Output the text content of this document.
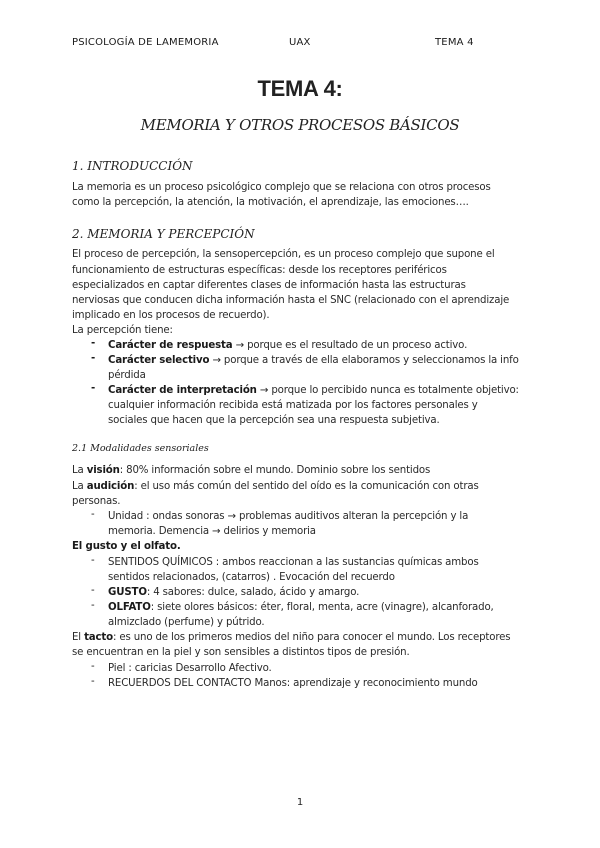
PSICOLOGÍA DE LAMEMORIA	UAX	TEMA 4
TEMA 4:
MEMORIA Y OTROS PROCESOS BÁSICOS
1. INTRODUCCIÓN
La memoria es un proceso psicológico complejo que se relaciona con otros procesos
como la percepción, la atención, la motivación, el aprendizaje, las emociones….
2. MEMORIA Y PERCEPCIÓN
El proceso de percepción, la sensopercepción, es un proceso complejo que supone el
funcionamiento de estructuras específicas: desde los receptores periféricos
especializados en captar diferentes clases de información hasta las estructuras
nerviosas que conducen dicha información hasta el SNC (relacionado con el aprendizaje
implicado en los procesos de recuerdo).
La percepción tiene:
- Carácter de respuesta → porque es el resultado de un proceso activo.
- Carácter selectivo → porque a través de ella elaboramos y seleccionamos la info
pérdida
- Carácter de interpretación → porque lo percibido nunca es totalmente objetivo:
cualquier información recibida está matizada por los factores personales y
sociales que hacen que la percepción sea una respuesta subjetiva.
2.1 Modalidades sensoriales
La visión: 80% información sobre el mundo. Dominio sobre los sentidos
La audición: el uso más común del sentido del oído es la comunicación con otras
personas.
- Unidad : ondas sonoras → problemas auditivos alteran la percepción y la
memoria. Demencia → delirios y memoria
El gusto y el olfato.
- SENTIDOS QUÍMICOS : ambos reaccionan a las sustancias químicas ambos
sentidos relacionados, (catarros) . Evocación del recuerdo
- GUSTO: 4 sabores: dulce, salado, ácido y amargo.
- OLFATO: siete olores básicos: éter, floral, menta, acre (vinagre), alcanforado,
almizclado (perfume) y pútrido.
El tacto: es uno de los primeros medios del niño para conocer el mundo. Los receptores
se encuentran en la piel y son sensibles a distintos tipos de presión.
- Piel : caricias Desarrollo Afectivo.
- RECUERDOS DEL CONTACTO Manos: aprendizaje y reconocimiento mundo
1
